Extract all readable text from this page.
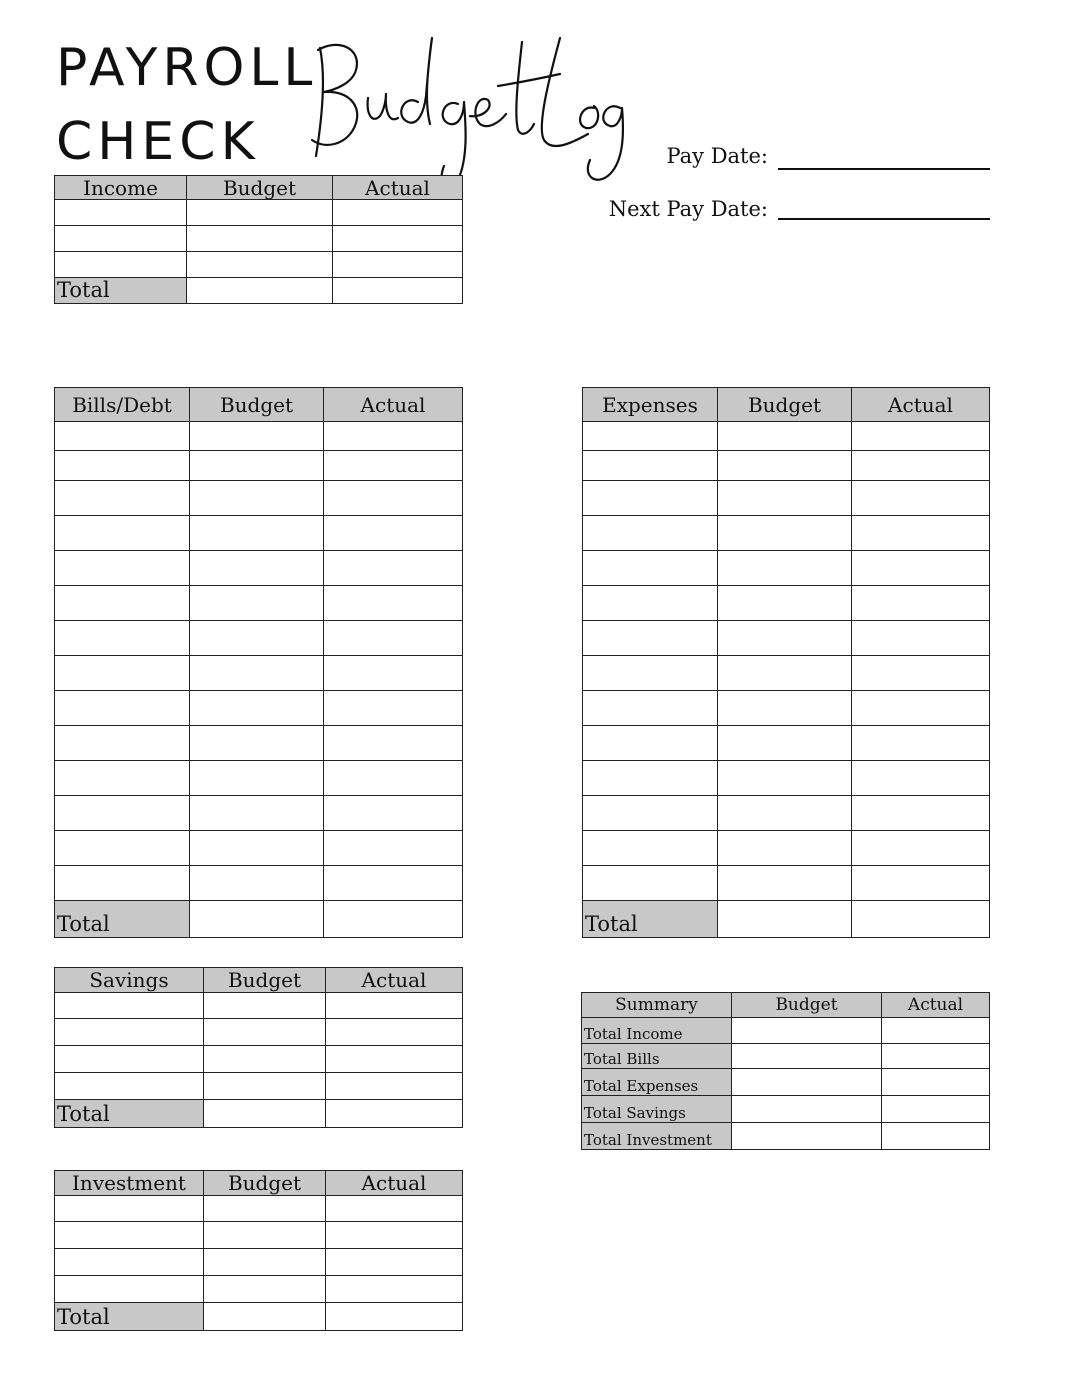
PAYROLL
CHECK	Pay Date:
Next Pay Date:
Income	Budget	Actual

Total		
Bills/Debt	Budget	Actual

Total		
Expenses	Budget	Actual

Total		
Savings	Budget	Actual

Total		
Investment	Budget	Actual

Total		
Summary	Budget	Actual
Total Income		
Total Bills		
Total Expenses		
Total Savings		
Total Investment		
